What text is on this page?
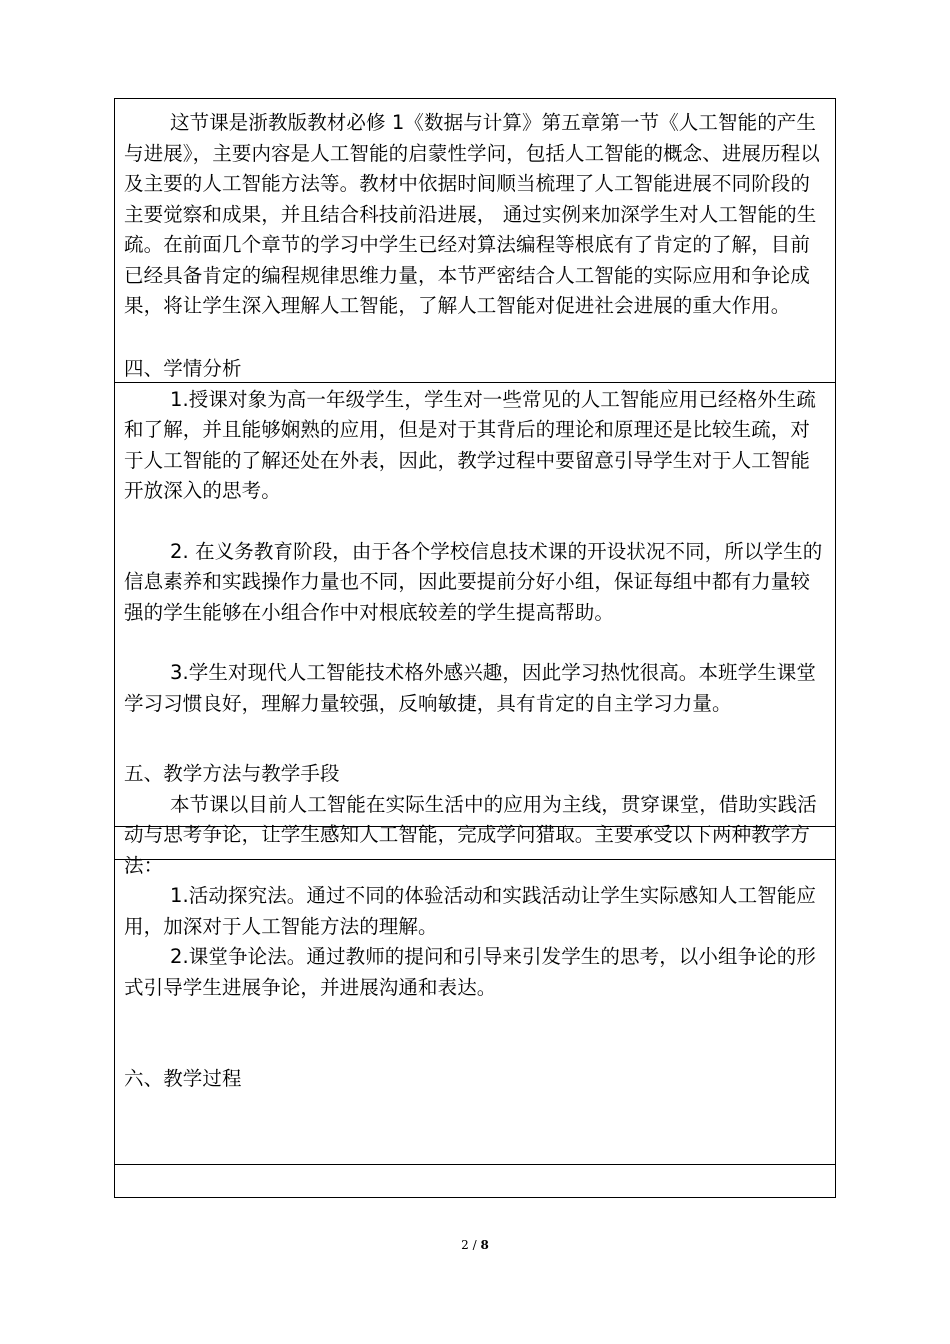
这节课是浙教版教材必修 1《数据与计算》第五章第一节《人工智能的产生与进展》，主要内容是人工智能的启蒙性学问，包括人工智能的概念、进展历程以及主要的人工智能方法等。教材中依据时间顺当梳理了人工智能进展不同阶段的主要觉察和成果，并且结合科技前沿进展， 通过实例来加深学生对人工智能的生疏。在前面几个章节的学习中学生已经对算法编程等根底有了肯定的了解，目前已经具备肯定的编程规律思维力量，本节严密结合人工智能的实际应用和争论成果，将让学生深入理解人工智能，了解人工智能对促进社会进展的重大作用。

四、学情分析

1.授课对象为高一年级学生，学生对一些常见的人工智能应用已经格外生疏和了解，并且能够娴熟的应用，但是对于其背后的理论和原理还是比较生疏，对于人工智能的了解还处在外表，因此，教学过程中要留意引导学生对于人工智能开放深入的思考。

2. 在义务教育阶段，由于各个学校信息技术课的开设状况不同，所以学生的信息素养和实践操作力量也不同，因此要提前分好小组，保证每组中都有力量较强的学生能够在小组合作中对根底较差的学生提高帮助。

3.学生对现代人工智能技术格外感兴趣，因此学习热忱很高。本班学生课堂学习习惯良好，理解力量较强，反响敏捷，具有肯定的自主学习力量。

五、教学方法与教学手段

本节课以目前人工智能在实际生活中的应用为主线，贯穿课堂，借助实践活动与思考争论，让学生感知人工智能，完成学问猎取。主要承受以下两种教学方法：

1.活动探究法。通过不同的体验活动和实践活动让学生实际感知人工智能应用，加深对于人工智能方法的理解。

2.课堂争论法。通过教师的提问和引导来引发学生的思考，以小组争论的形式引导学生进展争论，并进展沟通和表达。

六、教学过程

2 / 8
